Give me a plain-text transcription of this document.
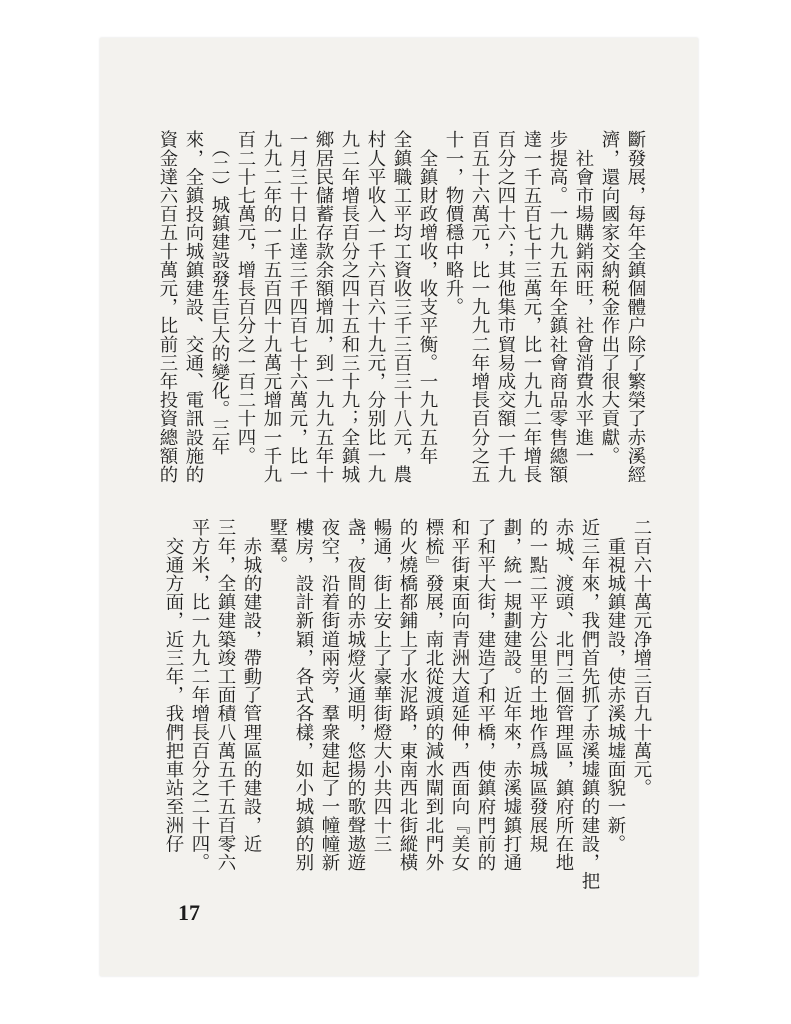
斷發展，每年全鎮個體户除了繁榮了赤溪經
濟，還向國家交納税金作出了很大貢獻。
　社會市場購銷兩旺，社會消費水平進一
步提高。一九九五年全鎮社會商品零售總額
達一千五百七十三萬元，比一九九二年增長
百分之四十六；其他集市貿易成交額一千九
百五十六萬元，比一九九二年增長百分之五
十一，物價穩中略升。
　全鎮財政增收，收支平衡。一九九五年
全鎮職工平均工資收三千三百三十八元，農
村人平收入一千六百六十九元，分别比一九
九二年增長百分之四十五和三十九；全鎮城
鄉居民儲蓄存款余額增加，到一九九五年十
一月三十日止達三千四百七十六萬元，比一
九九二年的一千五百四十九萬元增加一千九
百二十七萬元，增長百分之一百二十四。
　（二）城鎮建設發生巨大的變化。三年
來，全鎮投向城鎮建設、交通、電訊設施的
資金達六百五十萬元，比前三年投資總額的
二百六十萬元净增三百九十萬元。
　重視城鎮建設，使赤溪城墟面貌一新。
近三年來，我們首先抓了赤溪墟鎮的建設，把
赤城、渡頭、北門三個管理區，鎮府所在地
的一點二平方公里的土地作爲城區發展規
劃，統一規劃建設。近年來，赤溪墟鎮打通
了和平大街，建造了和平橋，使鎮府門前的
和平街東面向青洲大道延伸，西面向『美女
標梳』發展，南北從渡頭的減水閘到北門外
的火燒橋都鋪上了水泥路，東南西北街縱橫
暢通，街上安上了豪華街燈大小共四十三
盏，夜間的赤城燈火通明，悠揚的歌聲遨遊
夜空，沿着街道兩旁，羣衆建起了一幢幢新
樓房，設計新穎，各式各樣，如小城鎮的别
墅羣。
　赤城的建設，帶動了管理區的建設，近
三年，全鎮建築竣工面積八萬五千五百零六
平方米，比一九九二年增長百分之二十四。
　交通方面，近三年，我們把車站至洲仔
17
